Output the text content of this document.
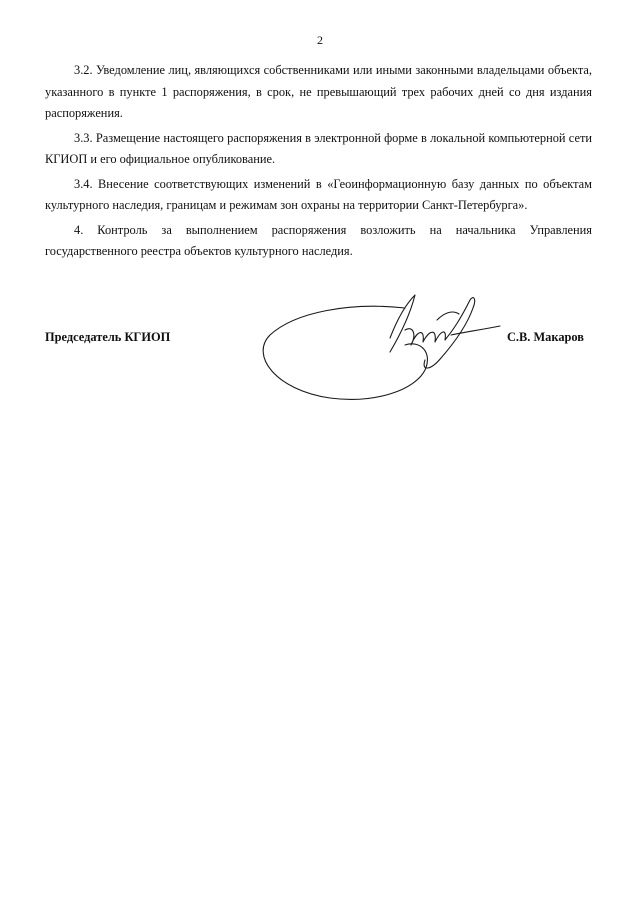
2

3.2. Уведомление лиц, являющихся собственниками или иными законными владельцами объекта, указанного в пункте 1 распоряжения, в срок, не превышающий трех рабочих дней со дня издания распоряжения.

3.3. Размещение настоящего распоряжения в электронной форме в локальной компьютерной сети КГИОП и его официальное опубликование.

3.4. Внесение соответствующих изменений в «Геоинформационную базу данных по объектам культурного наследия, границам и режимам зон охраны на территории Санкт-Петербурга».

4. Контроль за выполнением распоряжения возложить на начальника Управления государственного реестра объектов культурного наследия.

Председатель КГИОП	С.В. Макаров
